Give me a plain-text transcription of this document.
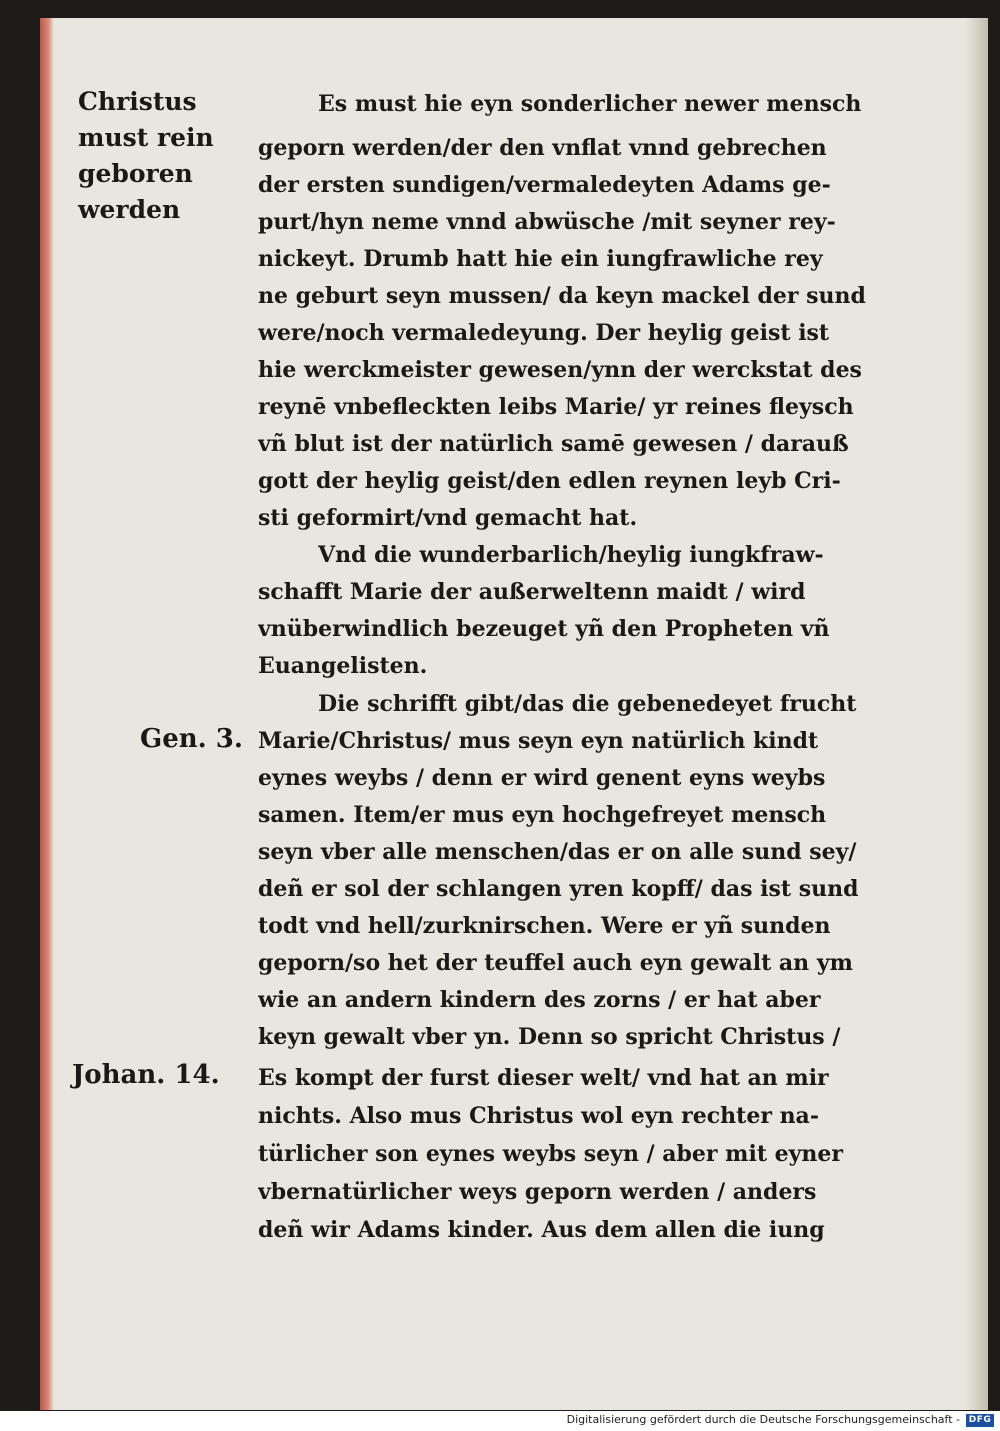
Christus
must rein
geboren
werden
Gen. 3.
Johan. 14.
Es must hie eyn sonderlicher newer mensch
geporn werden/der den vnflat vnnd gebrechen
der ersten sundigen/vermaledeyten Adams ge-
purt/hyn neme vnnd abwüsche /mit seyner rey-
nickeyt. Drumb hatt hie ein iungfrawliche rey
ne geburt seyn mussen/ da keyn mackel der sund
were/noch vermaledeyung. Der heylig geist ist
hie werckmeister gewesen/ynn der werckstat des
reynē vnbefleckten leibs Marie/ yr reines fleysch
vñ blut ist der natürlich samē gewesen / darauß
gott der heylig geist/den edlen reynen leyb Cri-
sti geformirt/vnd gemacht hat.
Vnd die wunderbarlich/heylig iungkfraw-
schafft Marie der außerweltenn maidt / wird
vnüberwindlich bezeuget yñ den Propheten vñ
Euangelisten.
Die schrifft gibt/das die gebenedeyet frucht
Marie/Christus/ mus seyn eyn natürlich kindt
eynes weybs / denn er wird genent eyns weybs
samen. Item/er mus eyn hochgefreyet mensch
seyn vber alle menschen/das er on alle sund sey/
deñ er sol der schlangen yren kopff/ das ist sund
todt vnd hell/zurknirschen. Were er yñ sunden
geporn/so het der teuffel auch eyn gewalt an ym
wie an andern kindern des zorns / er hat aber
keyn gewalt vber yn. Denn so spricht Christus /
Es kompt der furst dieser welt/ vnd hat an mir
nichts. Also mus Christus wol eyn rechter na-
türlicher son eynes weybs seyn / aber mit eyner
vbernatürlicher weys geporn werden / anders
deñ wir Adams kinder. Aus dem allen die iung
Digitalisierung gefördert durch die Deutsche Forschungsgemeinschaft - DFG
